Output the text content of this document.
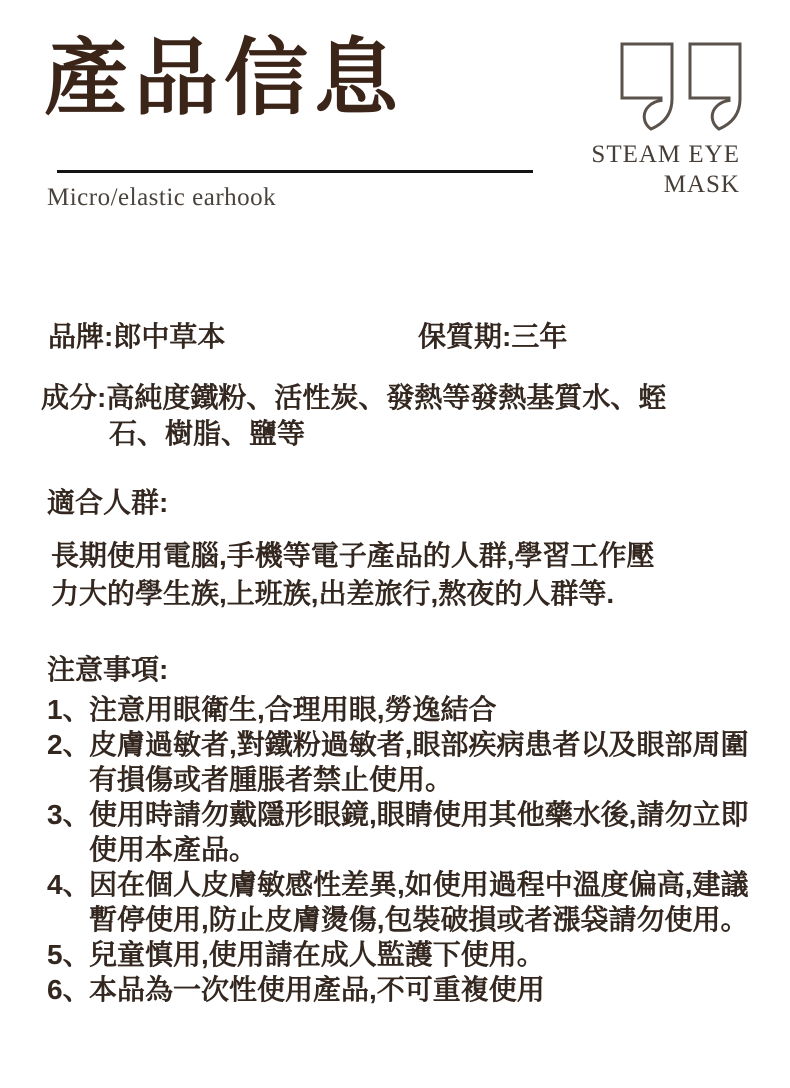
產品信息
Micro/elastic earhook
STEAM EYE
MASK
品牌:郎中草本	保質期:三年
成分:高純度鐵粉、活性炭、發熱等發熱基質水、蛭
石、樹脂、鹽等
適合人群:
長期使用電腦,手機等電子產品的人群,學習工作壓
力大的學生族,上班族,出差旅行,熬夜的人群等.
注意事項:
1、
注意用眼衛生,合理用眼,勞逸結合
2、
皮膚過敏者,對鐵粉過敏者,眼部疾病患者以及眼部周圍有損傷或者腫脹者禁止使用。
3、
使用時請勿戴隱形眼鏡,眼睛使用其他藥水後,請勿立即使用本產品。
4、
因在個人皮膚敏感性差異,如使用過程中溫度偏高,建議暫停使用,防止皮膚燙傷,包裝破損或者漲袋請勿使用。
5、
兒童慎用,使用請在成人監護下使用。
6、
本品為一次性使用產品,不可重複使用
